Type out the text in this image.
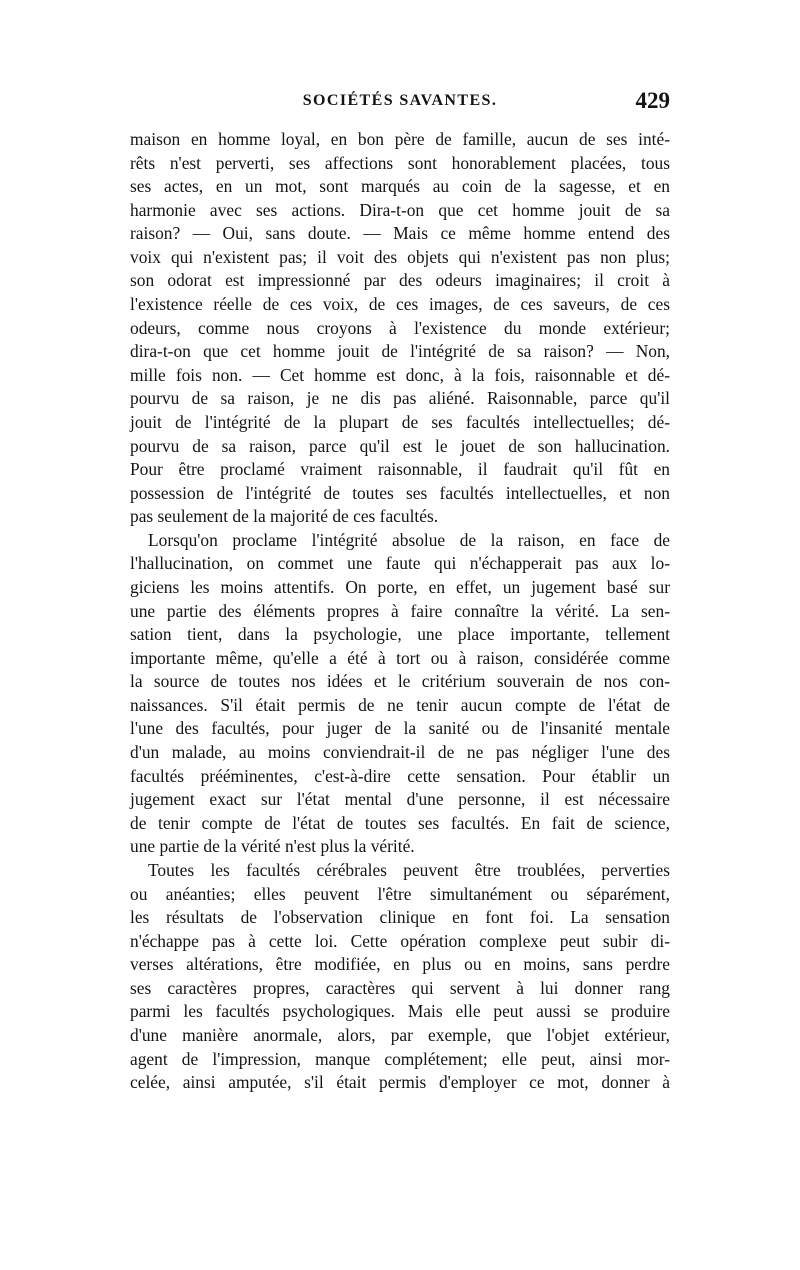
SOCIÉTÉS SAVANTES.	429
maison en homme loyal, en bon père de famille, aucun de ses inté-
rêts n'est perverti, ses affections sont honorablement placées, tous
ses actes, en un mot, sont marqués au coin de la sagesse, et en
harmonie avec ses actions. Dira-t-on que cet homme jouit de sa
raison? — Oui, sans doute. — Mais ce même homme entend des
voix qui n'existent pas; il voit des objets qui n'existent pas non plus;
son odorat est impressionné par des odeurs imaginaires; il croit à
l'existence réelle de ces voix, de ces images, de ces saveurs, de ces
odeurs, comme nous croyons à l'existence du monde extérieur;
dira-t-on que cet homme jouit de l'intégrité de sa raison? — Non,
mille fois non. — Cet homme est donc, à la fois, raisonnable et dé-
pourvu de sa raison, je ne dis pas aliéné. Raisonnable, parce qu'il
jouit de l'intégrité de la plupart de ses facultés intellectuelles; dé-
pourvu de sa raison, parce qu'il est le jouet de son hallucination.
Pour être proclamé vraiment raisonnable, il faudrait qu'il fût en
possession de l'intégrité de toutes ses facultés intellectuelles, et non
pas seulement de la majorité de ces facultés.
Lorsqu'on proclame l'intégrité absolue de la raison, en face de
l'hallucination, on commet une faute qui n'échapperait pas aux lo-
giciens les moins attentifs. On porte, en effet, un jugement basé sur
une partie des éléments propres à faire connaître la vérité. La sen-
sation tient, dans la psychologie, une place importante, tellement
importante même, qu'elle a été à tort ou à raison, considérée comme
la source de toutes nos idées et le critérium souverain de nos con-
naissances. S'il était permis de ne tenir aucun compte de l'état de
l'une des facultés, pour juger de la sanité ou de l'insanité mentale
d'un malade, au moins conviendrait-il de ne pas négliger l'une des
facultés prééminentes, c'est-à-dire cette sensation. Pour établir un
jugement exact sur l'état mental d'une personne, il est nécessaire
de tenir compte de l'état de toutes ses facultés. En fait de science,
une partie de la vérité n'est plus la vérité.
Toutes les facultés cérébrales peuvent être troublées, perverties
ou anéanties; elles peuvent l'être simultanément ou séparément,
les résultats de l'observation clinique en font foi. La sensation
n'échappe pas à cette loi. Cette opération complexe peut subir di-
verses altérations, être modifiée, en plus ou en moins, sans perdre
ses caractères propres, caractères qui servent à lui donner rang
parmi les facultés psychologiques. Mais elle peut aussi se produire
d'une manière anormale, alors, par exemple, que l'objet extérieur,
agent de l'impression, manque complétement; elle peut, ainsi mor-
celée, ainsi amputée, s'il était permis d'employer ce mot, donner à
